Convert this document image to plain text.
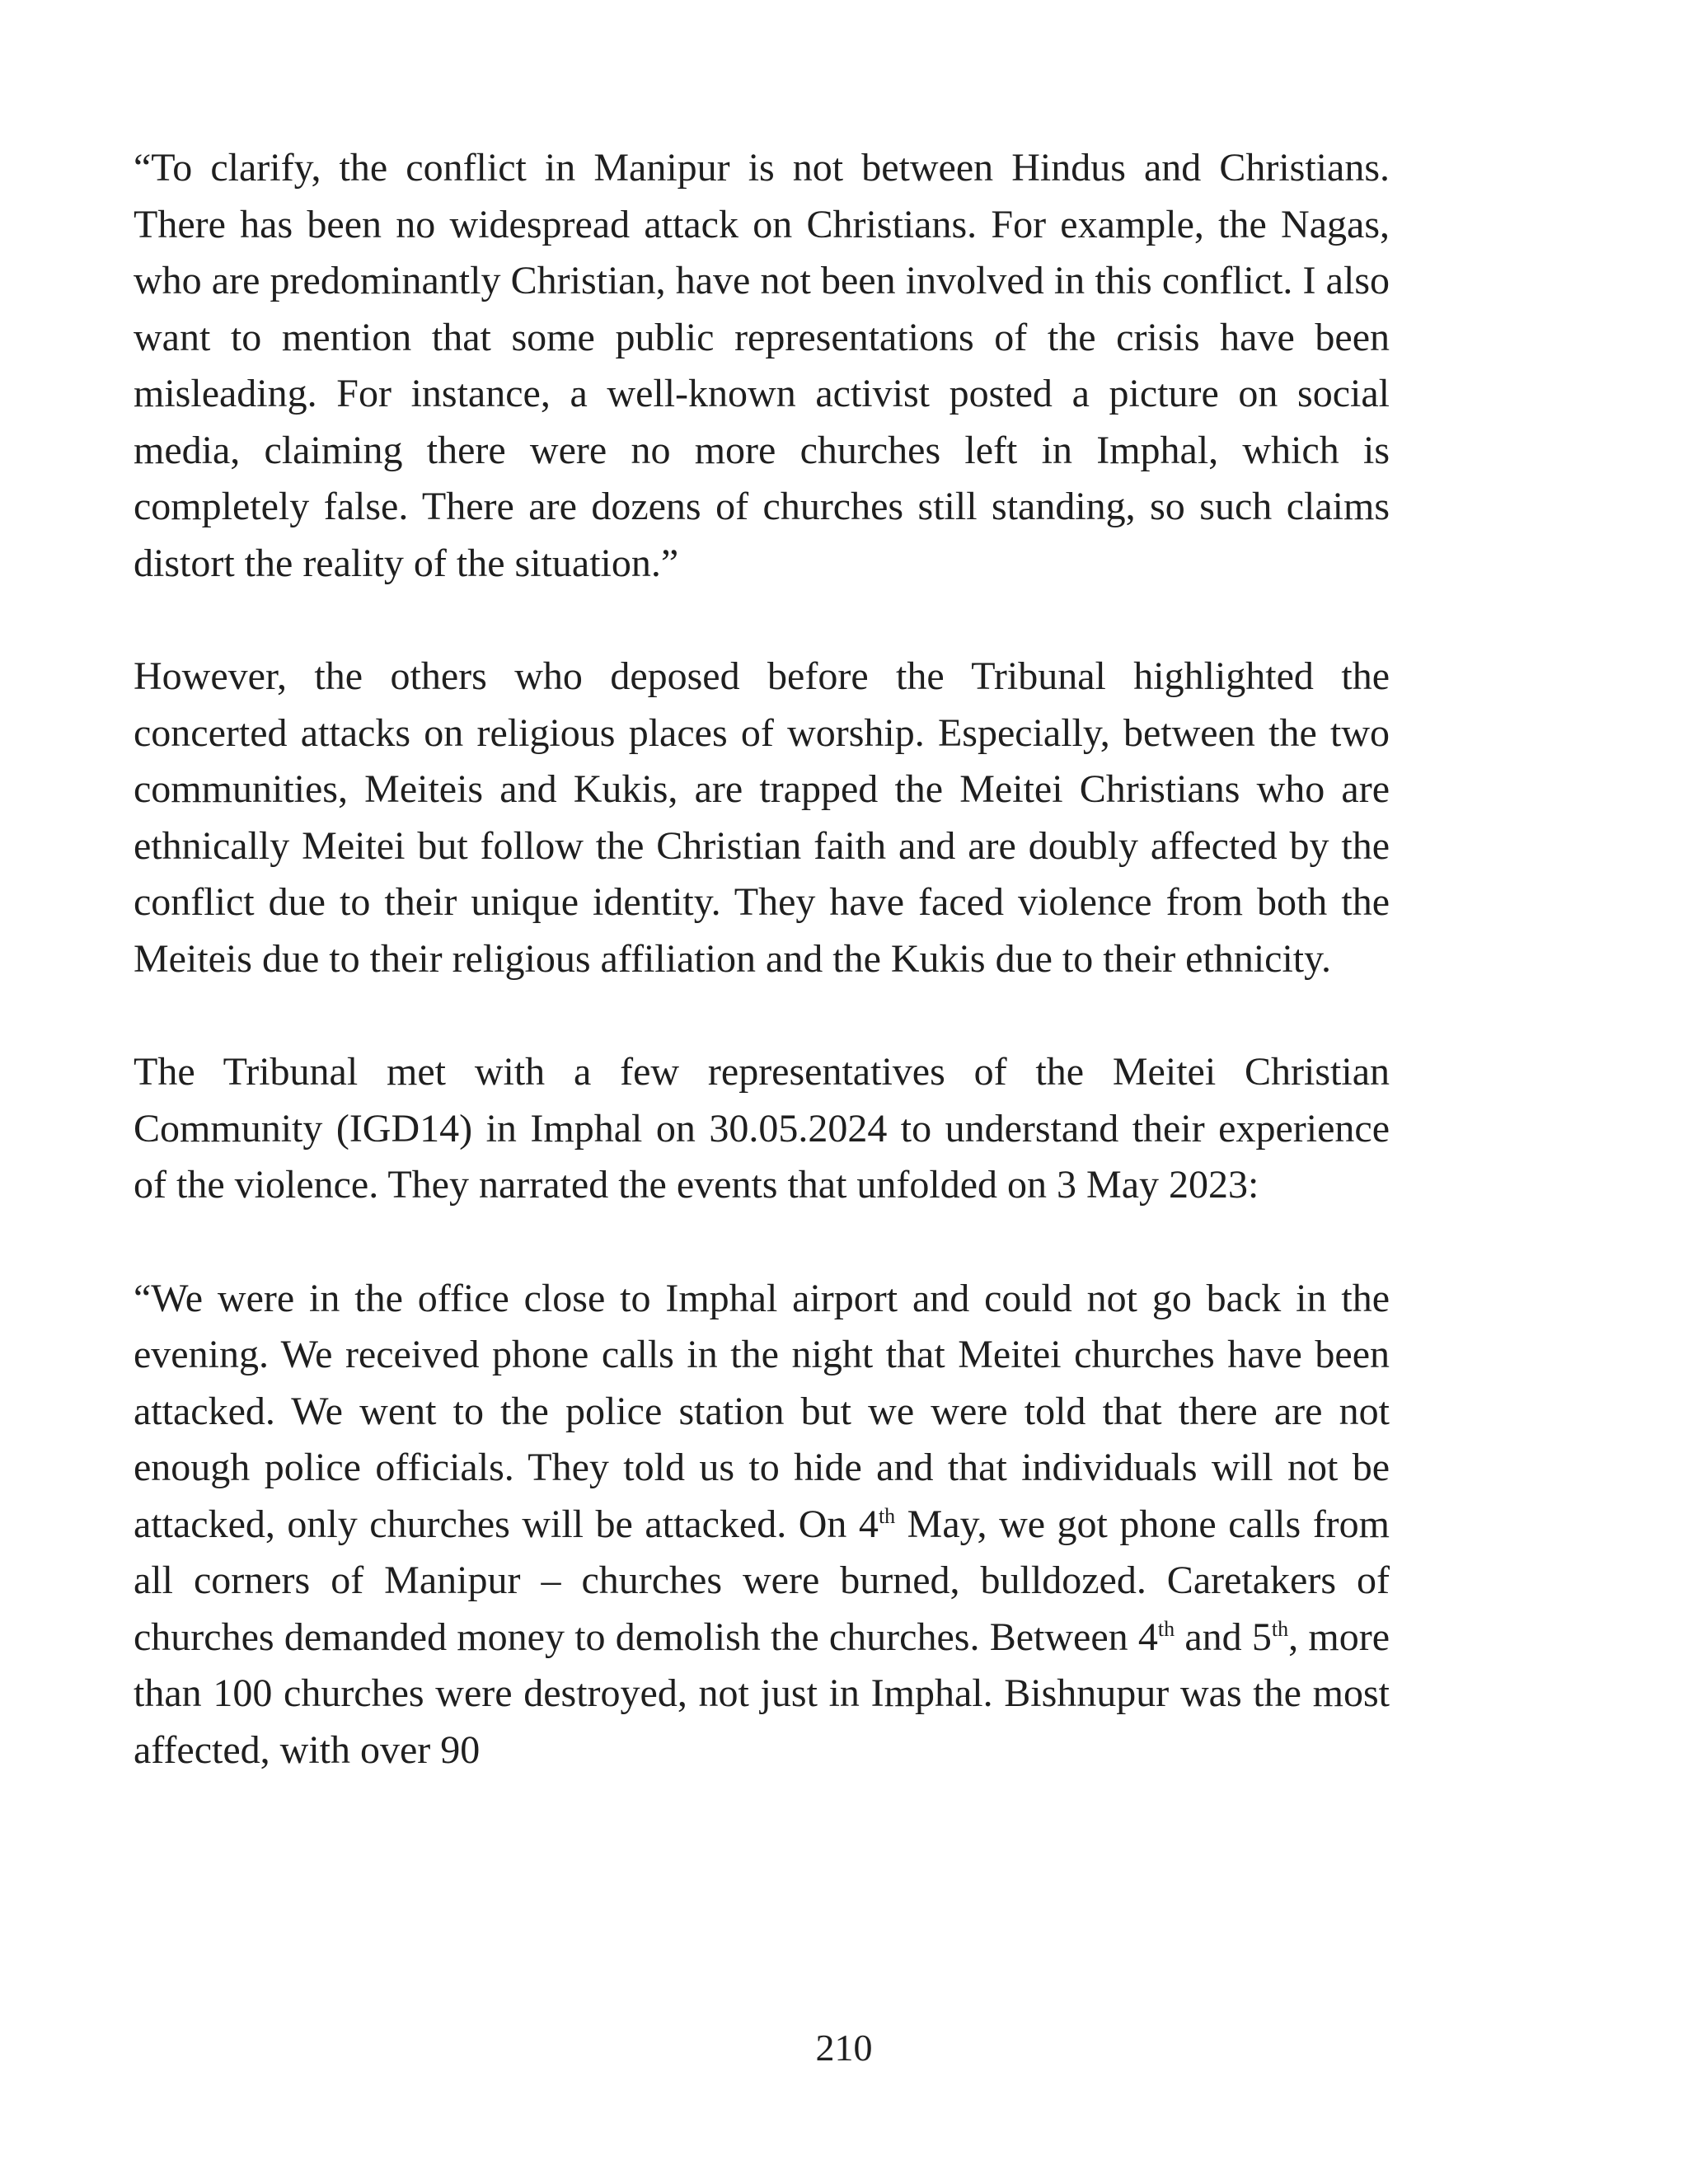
“To clarify, the conflict in Manipur is not between Hindus and Christians. There has been no widespread attack on Christians. For example, the Nagas, who are predominantly Christian, have not been involved in this conflict. I also want to mention that some public representations of the crisis have been misleading. For instance, a well-known activist posted a picture on social media, claiming there were no more churches left in Imphal, which is completely false. There are dozens of churches still standing, so such claims distort the reality of the situation.”

However, the others who deposed before the Tribunal highlighted the concerted attacks on religious places of worship. Especially, between the two communities, Meiteis and Kukis, are trapped the Meitei Christians who are ethnically Meitei but follow the Christian faith and are doubly affected by the conflict due to their unique identity. They have faced violence from both the Meiteis due to their religious affiliation and the Kukis due to their ethnicity.

The Tribunal met with a few representatives of the Meitei Christian Community (IGD14) in Imphal on 30.05.2024 to understand their experience of the violence. They narrated the events that unfolded on 3 May 2023:

“We were in the office close to Imphal airport and could not go back in the evening. We received phone calls in the night that Meitei churches have been attacked. We went to the police station but we were told that there are not enough police officials. They told us to hide and that individuals will not be attacked, only churches will be attacked. On 4th May, we got phone calls from all corners of Manipur – churches were burned, bulldozed. Caretakers of churches demanded money to demolish the churches. Between 4th and 5th, more than 100 churches were destroyed, not just in Imphal. Bishnupur was the most affected, with over 90

210
